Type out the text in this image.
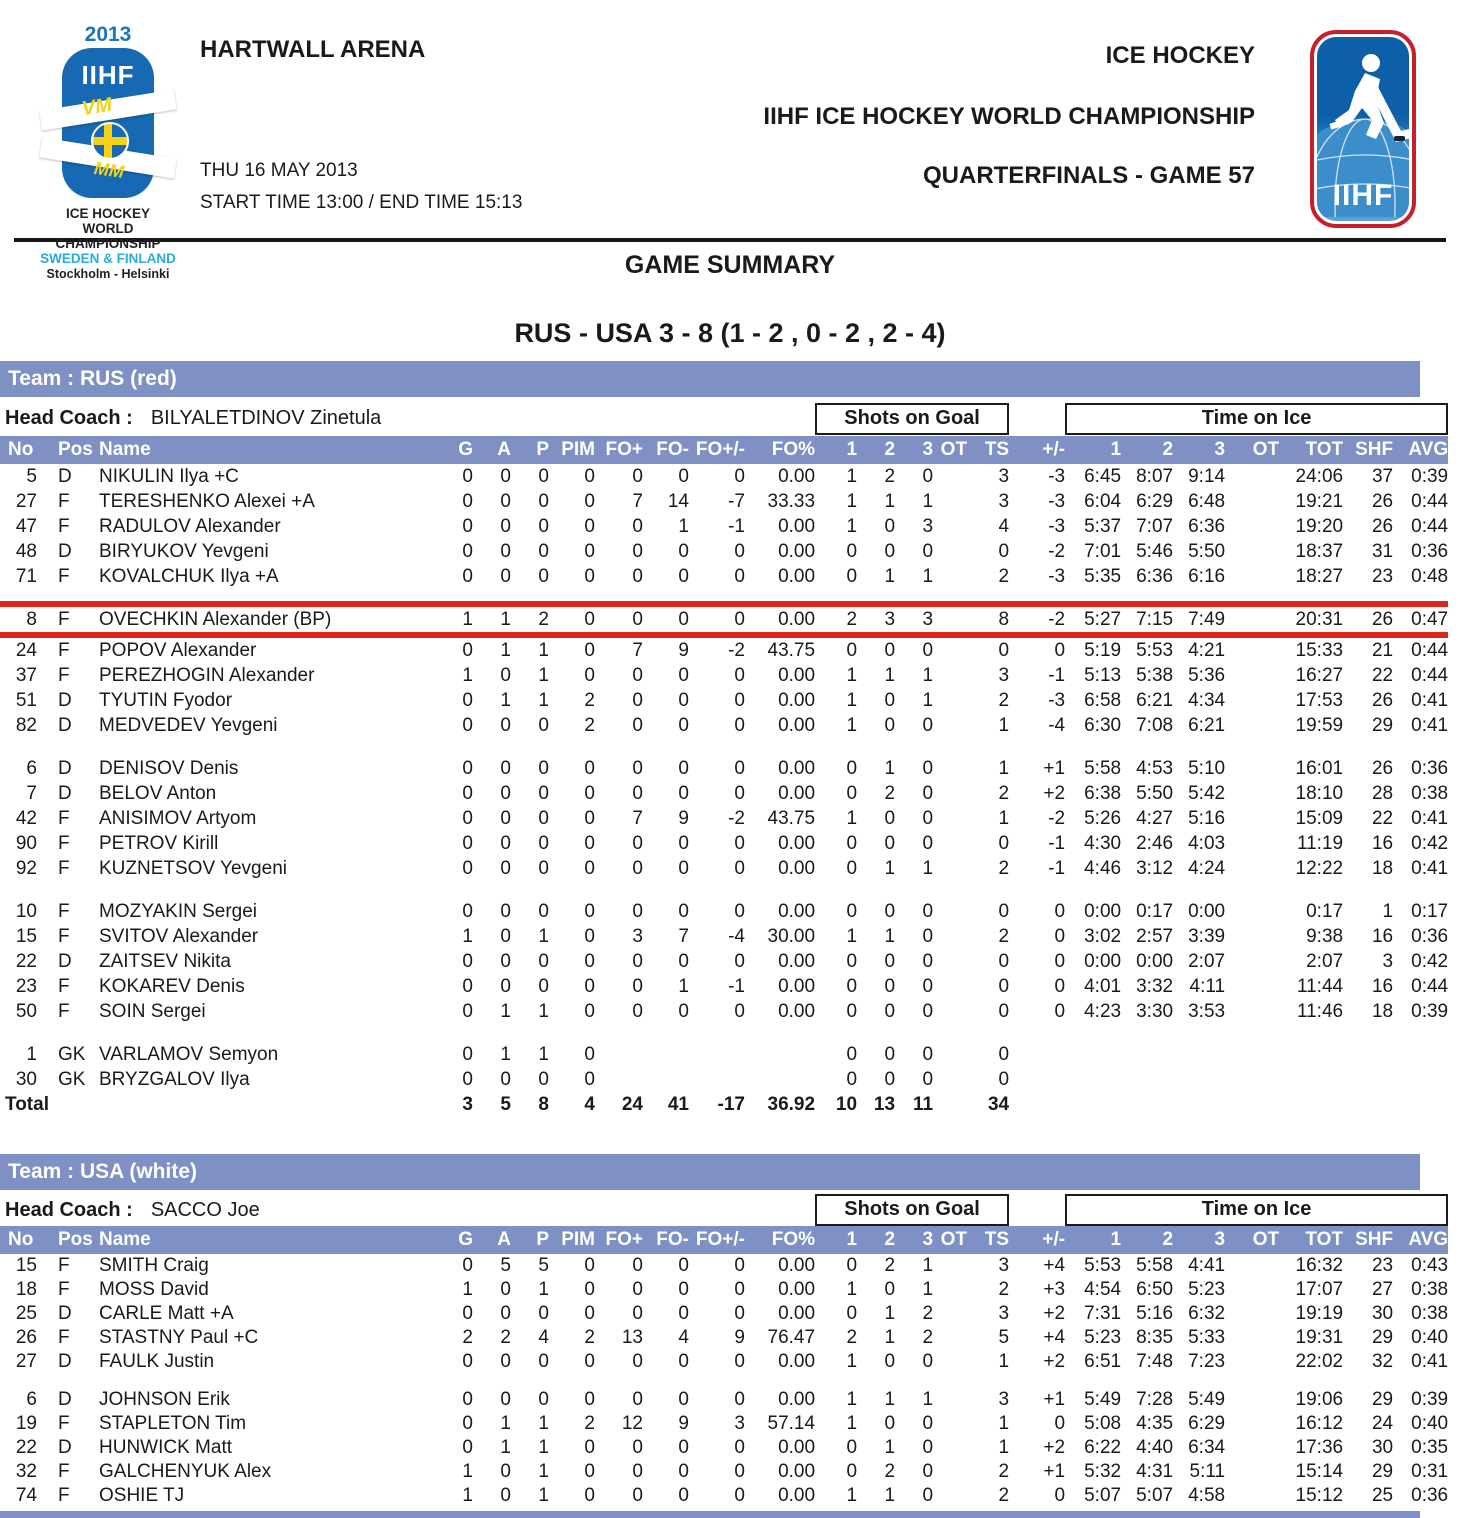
2013
IIHF
VM
MM
ICE HOCKEY
WORLD
CHAMPIONSHIP
SWEDEN & FINLAND
Stockholm - Helsinki
HARTWALL ARENA
THU 16 MAY 2013
START TIME 13:00 / END TIME 15:13
ICE HOCKEY
IIHF ICE HOCKEY WORLD CHAMPIONSHIP
QUARTERFINALS - GAME 57
IIHF
GAME SUMMARY
RUS - USA 3 - 8 (1 - 2 , 0 - 2 , 2 - 4)
Team : RUS (red)
Head Coach : BILYALETDINOV Zinetula											Shots on Goal						Time on Ice						

No	Pos	Name	G	A	P	PIM	FO+	FO-	FO+/-	FO%	1	2	3	OT	TS	+/-	1	2	3	OT	TOT	SHF	AVG
5	D	NIKULIN Ilya +C	0	0	0	0	0	0	0	0.00	1	2	0		3	-3	6:45	8:07	9:14		24:06	37	0:39
27	F	TERESHENKO Alexei +A	0	0	0	0	7	14	-7	33.33	1	1	1		3	-3	6:04	6:29	6:48		19:21	26	0:44
47	F	RADULOV Alexander	0	0	0	0	0	1	-1	0.00	1	0	3		4	-3	5:37	7:07	6:36		19:20	26	0:44
48	D	BIRYUKOV Yevgeni	0	0	0	0	0	0	0	0.00	0	0	0		0	-2	7:01	5:46	5:50		18:37	31	0:36
71	F	KOVALCHUK Ilya +A	0	0	0	0	0	0	0	0.00	0	1	1		2	-3	5:35	6:36	6:16		18:27	23	0:48

8	F	OVECHKIN Alexander (BP)	1	1	2	0	0	0	0	0.00	2	3	3		8	-2	5:27	7:15	7:49		20:31	26	0:47
24	F	POPOV Alexander	0	1	1	0	7	9	-2	43.75	0	0	0		0	0	5:19	5:53	4:21		15:33	21	0:44
37	F	PEREZHOGIN Alexander	1	0	1	0	0	0	0	0.00	1	1	1		3	-1	5:13	5:38	5:36		16:27	22	0:44
51	D	TYUTIN Fyodor	0	1	1	2	0	0	0	0.00	1	0	1		2	-3	6:58	6:21	4:34		17:53	26	0:41
82	D	MEDVEDEV Yevgeni	0	0	0	2	0	0	0	0.00	1	0	0		1	-4	6:30	7:08	6:21		19:59	29	0:41

6	D	DENISOV Denis	0	0	0	0	0	0	0	0.00	0	1	0		1	+1	5:58	4:53	5:10		16:01	26	0:36
7	D	BELOV Anton	0	0	0	0	0	0	0	0.00	0	2	0		2	+2	6:38	5:50	5:42		18:10	28	0:38
42	F	ANISIMOV Artyom	0	0	0	0	7	9	-2	43.75	1	0	0		1	-2	5:26	4:27	5:16		15:09	22	0:41
90	F	PETROV Kirill	0	0	0	0	0	0	0	0.00	0	0	0		0	-1	4:30	2:46	4:03		11:19	16	0:42
92	F	KUZNETSOV Yevgeni	0	0	0	0	0	0	0	0.00	0	1	1		2	-1	4:46	3:12	4:24		12:22	18	0:41

10	F	MOZYAKIN Sergei	0	0	0	0	0	0	0	0.00	0	0	0		0	0	0:00	0:17	0:00		0:17	1	0:17
15	F	SVITOV Alexander	1	0	1	0	3	7	-4	30.00	1	1	0		2	0	3:02	2:57	3:39		9:38	16	0:36
22	D	ZAITSEV Nikita	0	0	0	0	0	0	0	0.00	0	0	0		0	0	0:00	0:00	2:07		2:07	3	0:42
23	F	KOKAREV Denis	0	0	0	0	0	1	-1	0.00	0	0	0		0	0	4:01	3:32	4:11		11:44	16	0:44
50	F	SOIN Sergei	0	1	1	0	0	0	0	0.00	0	0	0		0	0	4:23	3:30	3:53		11:46	18	0:39

1	GK	VARLAMOV Semyon	0	1	1	0					0	0	0		0								
30	GK	BRYZGALOV Ilya	0	0	0	0					0	0	0		0								
Total			3	5	8	4	24	41	-17	36.92	10	13	11		34								
Team : USA (white)
Head Coach : SACCO Joe											Shots on Goal						Time on Ice						

No	Pos	Name	G	A	P	PIM	FO+	FO-	FO+/-	FO%	1	2	3	OT	TS	+/-	1	2	3	OT	TOT	SHF	AVG
15	F	SMITH Craig	0	5	5	0	0	0	0	0.00	0	2	1		3	+4	5:53	5:58	4:41		16:32	23	0:43
18	F	MOSS David	1	0	1	0	0	0	0	0.00	1	0	1		2	+3	4:54	6:50	5:23		17:07	27	0:38
25	D	CARLE Matt +A	0	0	0	0	0	0	0	0.00	0	1	2		3	+2	7:31	5:16	6:32		19:19	30	0:38
26	F	STASTNY Paul +C	2	2	4	2	13	4	9	76.47	2	1	2		5	+4	5:23	8:35	5:33		19:31	29	0:40
27	D	FAULK Justin	0	0	0	0	0	0	0	0.00	1	0	0		1	+2	6:51	7:48	7:23		22:02	32	0:41

6	D	JOHNSON Erik	0	0	0	0	0	0	0	0.00	1	1	1		3	+1	5:49	7:28	5:49		19:06	29	0:39
19	F	STAPLETON Tim	0	1	1	2	12	9	3	57.14	1	0	0		1	0	5:08	4:35	6:29		16:12	24	0:40
22	D	HUNWICK Matt	0	1	1	0	0	0	0	0.00	0	1	0		1	+2	6:22	4:40	6:34		17:36	30	0:35
32	F	GALCHENYUK Alex	1	0	1	0	0	0	0	0.00	0	2	0		2	+1	5:32	4:31	5:11		15:14	29	0:31
74	F	OSHIE TJ	1	0	1	0	0	0	0	0.00	1	1	0		2	0	5:07	5:07	4:58		15:12	25	0:36
